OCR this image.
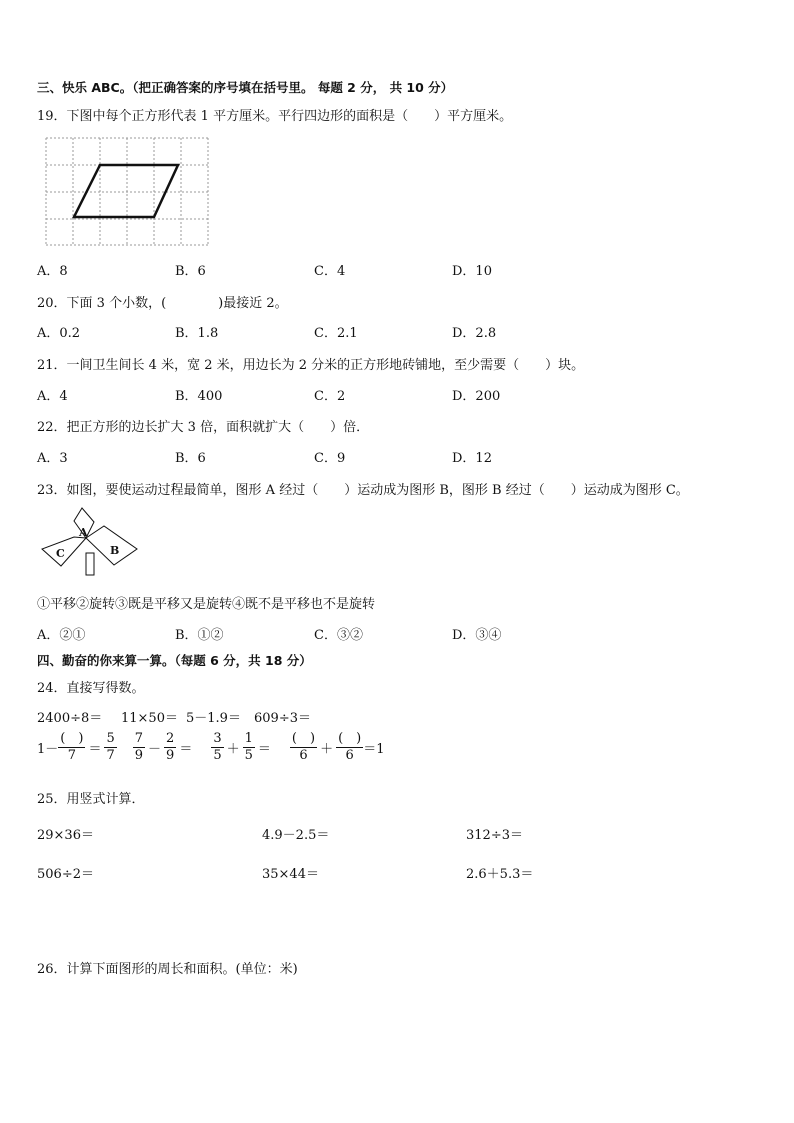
三、快乐 ABC。（把正确答案的序号填在括号里。 每题 2 分， 共 10 分）
19．下图中每个正方形代表 1 平方厘米。平行四边形的面积是（　　）平方厘米。
A．8	B．6	C．4	D．10
20．下面 3 个小数，(　　　　)最接近 2。
A．0.2	B．1.8	C．2.1	D．2.8
21．一间卫生间长 4 米，宽 2 米，用边长为 2 分米的正方形地砖铺地，至少需要（　　）块。
A．4	B．400	C．2	D．200
22．把正方形的边长扩大 3 倍，面积就扩大（　　）倍．
A．3	B．6	C．9	D．12
23．如图，要使运动过程最简单，图形 A 经过（　　）运动成为图形 B，图形 B 经过（　　）运动成为图形 C。
A
B
C
①平移②旋转③既是平移又是旋转④既不是平移也不是旋转
A．②①	B．①②	C．③②	D．③④
四、勤奋的你来算一算。（每题 6 分，共 18 分）
24．直接写得数。
2400÷8＝ 11×50＝ 5－1.9＝ 609÷3＝
$1- \frac{( )}{7} = \frac{5}{7} \frac{7}{9} - \frac{2}{9} = \frac{3}{5} + \frac{1}{5} = \frac{( )}{6} + \frac{( )}{6} =1$
25．用竖式计算．
29×36＝	4.9－2.5＝	312÷3＝
506÷2＝	35×44＝	2.6＋5.3＝
26．计算下面图形的周长和面积。(单位：米)
